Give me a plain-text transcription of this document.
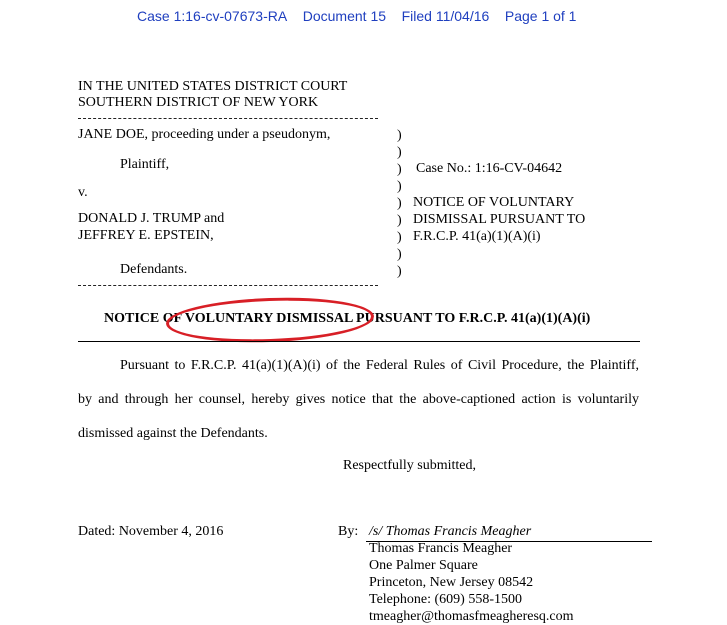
Case 1:16-cv-07673-RA Document 15 Filed 11/04/16 Page 1 of 1
IN THE UNITED STATES DISTRICT COURT
SOUTHERN DISTRICT OF NEW YORK
JANE DOE, proceeding under a pseudonym,
Plaintiff,
v.
DONALD J. TRUMP and
JEFFREY E. EPSTEIN,
Defendants.
)
)
)
)
)
)
)
)
)
Case No.: 1:16-CV-04642
NOTICE OF VOLUNTARY
DISMISSAL PURSUANT TO
F.R.C.P. 41(a)(1)(A)(i)
NOTICE OF VOLUNTARY DISMISSAL PURSUANT TO F.R.C.P. 41(a)(1)(A)(i)
Pursuant to F.R.C.P. 41(a)(1)(A)(i) of the Federal Rules of Civil Procedure, the Plaintiff,
by and through her counsel, hereby gives notice that the above-captioned action is voluntarily
dismissed against the Defendants.
Respectfully submitted,
Dated: November 4, 2016	By: /s/ Thomas Francis Meagher
Thomas Francis Meagher
One Palmer Square
Princeton, New Jersey 08542
Telephone: (609) 558-1500
tmeagher@thomasfmeagheresq.com
